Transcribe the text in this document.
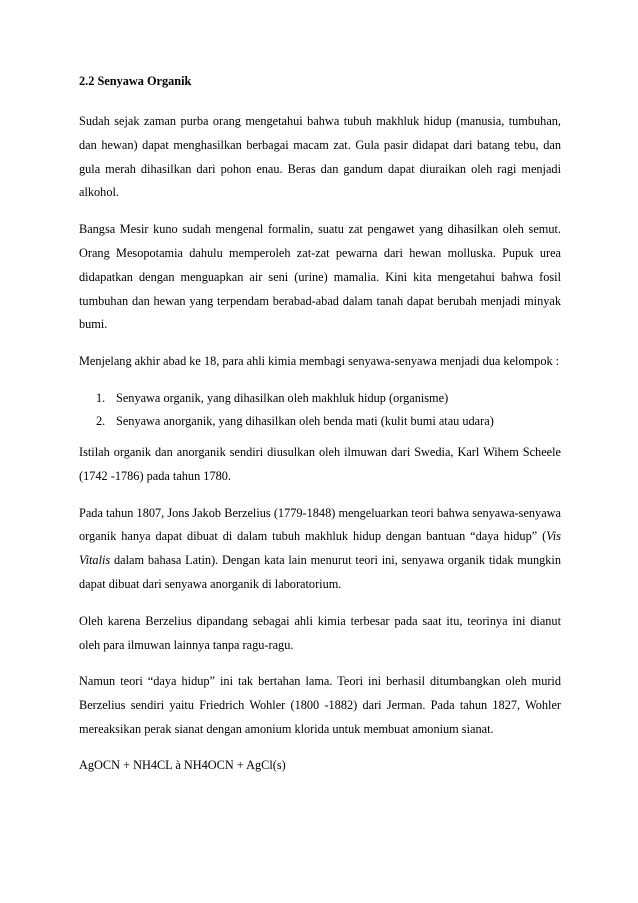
2.2 Senyawa Organik

Sudah sejak zaman purba orang mengetahui bahwa tubuh makhluk hidup (manusia, tumbuhan, dan hewan) dapat menghasilkan berbagai macam zat. Gula pasir didapat dari batang tebu, dan gula merah dihasilkan dari pohon enau. Beras dan gandum dapat diuraikan oleh ragi menjadi alkohol.

Bangsa Mesir kuno sudah mengenal formalin, suatu zat pengawet yang dihasilkan oleh semut. Orang Mesopotamia dahulu memperoleh zat-zat pewarna dari hewan molluska. Pupuk urea didapatkan dengan menguapkan air seni (urine) mamalia. Kini kita mengetahui bahwa fosil tumbuhan dan hewan yang terpendam berabad-abad dalam tanah dapat berubah menjadi minyak bumi.

Menjelang akhir abad ke 18, para ahli kimia membagi senyawa-senyawa menjadi dua kelompok :

1. Senyawa organik, yang dihasilkan oleh makhluk hidup (organisme)
2. Senyawa anorganik, yang dihasilkan oleh benda mati (kulit bumi atau udara)

Istilah organik dan anorganik sendiri diusulkan oleh ilmuwan dari Swedia, Karl Wihem Scheele (1742 -1786) pada tahun 1780.

Pada tahun 1807, Jons Jakob Berzelius (1779-1848) mengeluarkan teori bahwa senyawa-senyawa organik hanya dapat dibuat di dalam tubuh makhluk hidup dengan bantuan “daya hidup” (Vis Vitalis dalam bahasa Latin). Dengan kata lain menurut teori ini, senyawa organik tidak mungkin dapat dibuat dari senyawa anorganik di laboratorium.

Oleh karena Berzelius dipandang sebagai ahli kimia terbesar pada saat itu, teorinya ini dianut oleh para ilmuwan lainnya tanpa ragu-ragu.

Namun teori “daya hidup” ini tak bertahan lama. Teori ini berhasil ditumbangkan oleh murid Berzelius sendiri yaitu Friedrich Wohler (1800 -1882) dari Jerman. Pada tahun 1827, Wohler mereaksikan perak sianat dengan amonium klorida untuk membuat amonium sianat.

AgOCN + NH4CL à NH4OCN + AgCl(s)
